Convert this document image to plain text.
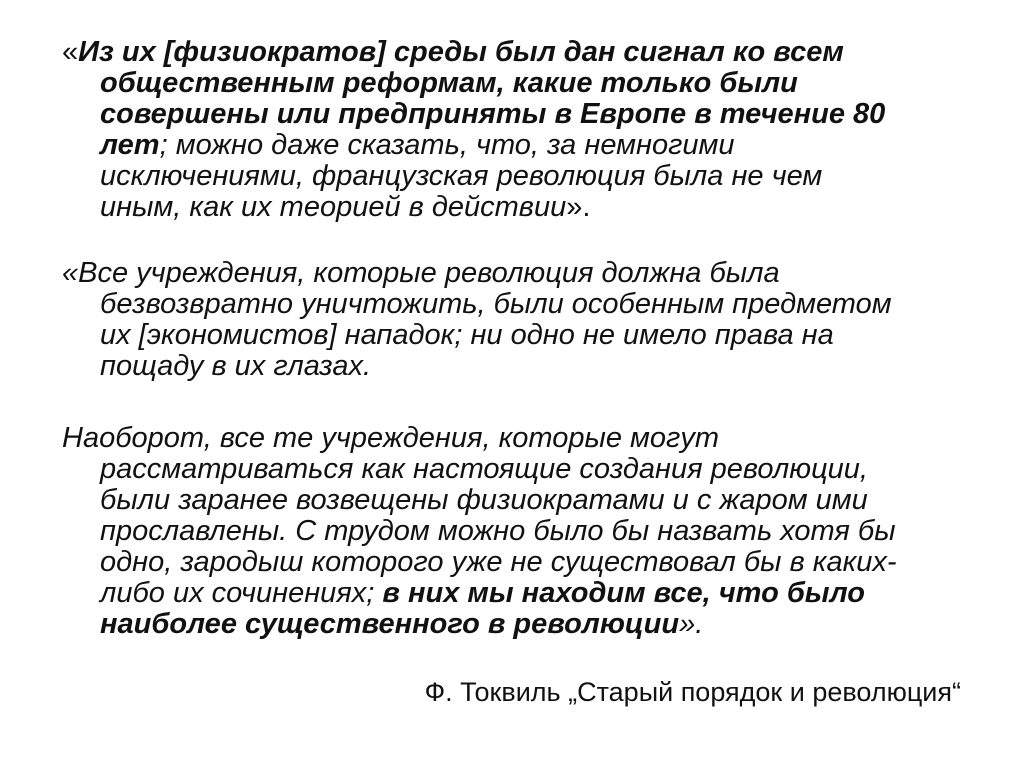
«Из их [физиократов] среды был дан сигнал ко всем
общественным реформам, какие только были
совершены или предприняты в Европе в течение 80
лет; можно даже сказать, что, за немногими
исключениями, французская революция была не чем
иным, как их теорией в действии».
«Все учреждения, которые революция должна была
безвозвратно уничтожить, были особенным предметом
их [экономистов] нападок; ни одно не имело права на
пощаду в их глазах.
Наоборот, все те учреждения, которые могут
рассматриваться как настоящие создания революции,
были заранее возвещены физиократами и с жаром ими
прославлены. С трудом можно было бы назвать хотя бы
одно, зародыш которого уже не существовал бы в каких-
либо их сочинениях; в них мы находим все, что было
наиболее существенного в революции».
Ф. Токвиль „Старый порядок и революция“
